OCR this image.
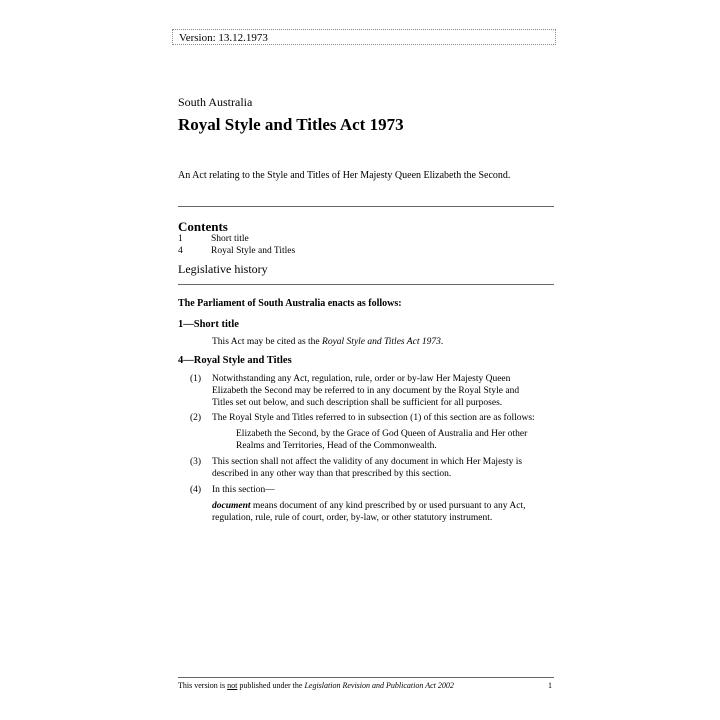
Version: 13.12.1973
South Australia
Royal Style and Titles Act 1973
An Act relating to the Style and Titles of Her Majesty Queen Elizabeth the Second.
Contents
1	Short title
4	Royal Style and Titles
Legislative history
The Parliament of South Australia enacts as follows:
1—Short title
This Act may be cited as the Royal Style and Titles Act 1973.
4—Royal Style and Titles
(1) Notwithstanding any Act, regulation, rule, order or by-law Her Majesty Queen
Elizabeth the Second may be referred to in any document by the Royal Style and
Titles set out below, and such description shall be sufficient for all purposes.
(2) The Royal Style and Titles referred to in subsection (1) of this section are as follows:
Elizabeth the Second, by the Grace of God Queen of Australia and Her other
Realms and Territories, Head of the Commonwealth.
(3) This section shall not affect the validity of any document in which Her Majesty is
described in any other way than that prescribed by this section.
(4) In this section—
document means document of any kind prescribed by or used pursuant to any Act,
regulation, rule, rule of court, order, by-law, or other statutory instrument.
This version is not published under the Legislation Revision and Publication Act 2002	1
